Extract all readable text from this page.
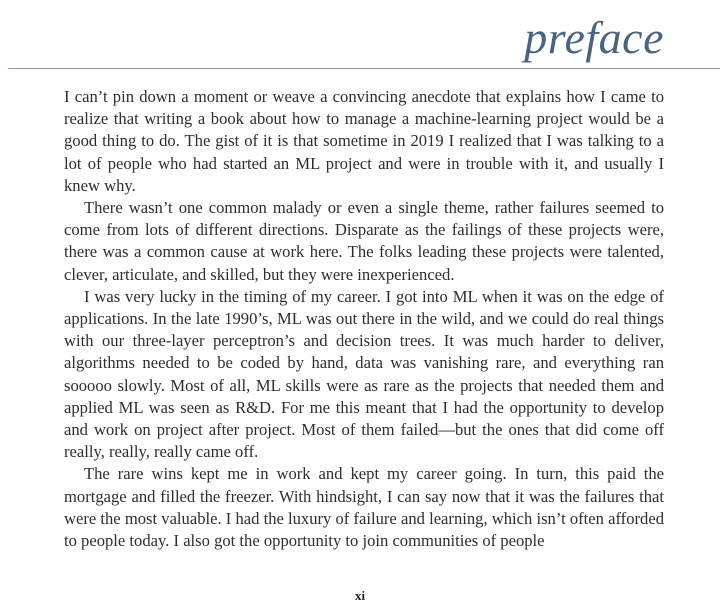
preface

I can’t pin down a moment or weave a convincing anecdote that explains how I came to realize that writing a book about how to manage a machine-learning project would be a good thing to do. The gist of it is that sometime in 2019 I realized that I was talking to a lot of people who had started an ML project and were in trouble with it, and usually I knew why.

There wasn’t one common malady or even a single theme, rather failures seemed to come from lots of different directions. Disparate as the failings of these projects were, there was a common cause at work here. The folks leading these projects were talented, clever, articulate, and skilled, but they were inexperienced.

I was very lucky in the timing of my career. I got into ML when it was on the edge of applications. In the late 1990’s, ML was out there in the wild, and we could do real things with our three-layer perceptron’s and decision trees. It was much harder to deliver, algorithms needed to be coded by hand, data was vanishing rare, and everything ran sooooo slowly. Most of all, ML skills were as rare as the projects that needed them and applied ML was seen as R&D. For me this meant that I had the opportunity to develop and work on project after project. Most of them failed—but the ones that did come off really, really, really came off.

The rare wins kept me in work and kept my career going. In turn, this paid the mortgage and filled the freezer. With hindsight, I can say now that it was the failures that were the most valuable. I had the luxury of failure and learning, which isn’t often afforded to people today. I also got the opportunity to join communities of people

xi
